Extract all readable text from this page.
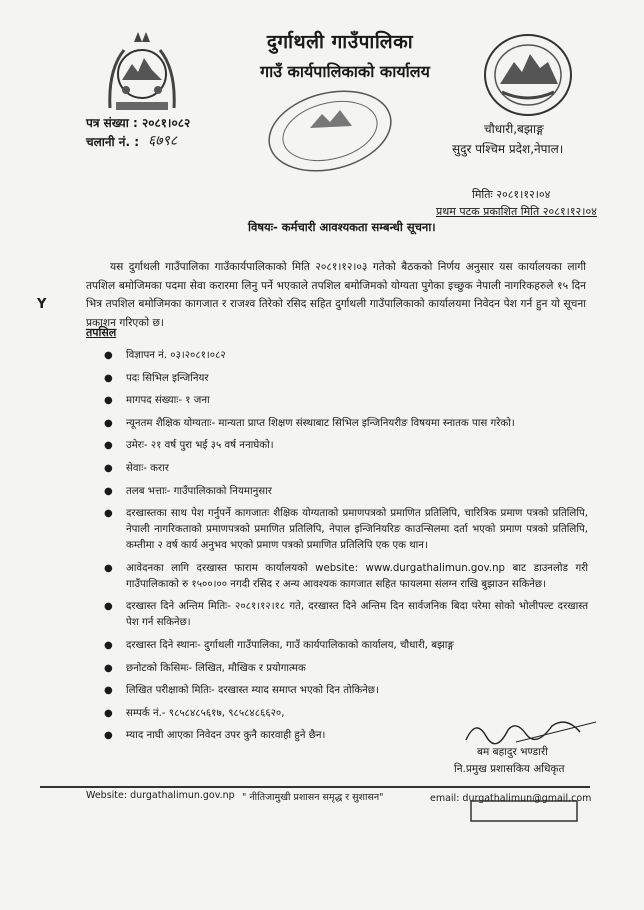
दुर्गाथली गाउँपालिका
गाउँ कार्यपालिकाको कार्यालय
चौधारी,बझाङ्ग
सुदुर पश्चिम प्रदेश,नेपाल।
पत्र संख्या : २०८१।०८२
चलानी नं. : ६७९८
मितिः २०८१।१२।०४
प्रथम पटक प्रकाशित मिति २०८१।१२।०४
विषयः- कर्मचारी आवश्यकता सम्बन्धी सूचना।
Y
यस दुर्गाथली गाउँपालिका गाउँकार्यपालिकाको मिति २०८१।१२।०३ गतेको बैठकको निर्णय अनुसार यस कार्यालयका लागी तपशिल बमोजिमका पदमा सेवा करारमा लिनु पर्ने भएकाले तपशिल बमोजिमको योग्यता पुगेका इच्छुक नेपाली नागरिकहरुले १५ दिन भित्र तपशिल बमोजिमका कागजात र राजश्व तिरेको रसिद सहित दुर्गाथली गाउँपालिकाको कार्यालयमा निवेदन पेश गर्न हुन यो सूचना प्रकाशन गरिएको छ।
तपसिल
● विज्ञापन नं. ०३।२०८१।०८२
● पदः सिभिल इन्जिनियर
● मागपद संख्याः- १ जना
● न्यूनतम शैक्षिक योग्यताः- मान्यता प्राप्त शिक्षण संस्थाबाट सिभिल इन्जिनियरीङ विषयमा स्नातक पास गरेको।
● उमेरः- २१ वर्ष पुरा भई ३५ वर्ष ननाघेको।
● सेवाः- करार
● तलब भत्ताः- गाउँपालिकाको नियमानुसार
● दरखास्तका साथ पेश गर्नुपर्ने कागजातः शैक्षिक योग्यताको प्रमाणपत्रको प्रमाणित प्रतिलिपि, चारित्रिक प्रमाण पत्रको प्रतिलिपि, नेपाली नागरिकताको प्रमाणपत्रको प्रमाणित प्रतिलिपि, नेपाल इन्जिनियरिङ काउन्सिलमा दर्ता भएको प्रमाण पत्रको प्रतिलिपि, कम्तीमा २ वर्ष कार्य अनुभव भएको प्रमाण पत्रको प्रमाणित प्रतिलिपि एक एक थान।
● आवेदनका लागि दरखास्त फाराम कार्यालयको website: www.durgathalimun.gov.np बाट डाउनलोड गरी गाउँपालिकाको रु १५००।०० नगदी रसिद र अन्य आवश्यक कागजात सहित फायलमा संलग्न राखि बुझाउन सकिनेछ।
● दरखास्त दिने अन्तिम मितिः- २०८१।१२।१८ गते, दरखास्त दिने अन्तिम दिन सार्वजनिक बिदा परेमा सोको भोलीपल्ट दरखास्त पेश गर्न सकिनेछ।
● दरखास्त दिने स्थानः- दुर्गाथली गाउँपालिका, गाउँ कार्यपालिकाको कार्यालय, चौधारी, बझाङ्ग
● छनोटको किसिमः- लिखित, मौखिक र प्रयोगात्मक
● लिखित परीक्षाको मितिः- दरखास्त म्याद समाप्त भएको दिन तोकिनेछ।
● सम्पर्क नं.- ९८५८४८५६१७, ९८५८४८६६२०,
● म्याद नाघी आएका निवेदन उपर कुनै कारवाही हुने छैन।
बम बहादुर भण्डारी
नि.प्रमुख प्रशासकिय अधिकृत
Website: durgathalimun.gov.np " नीतिजामुखी प्रशासन समृद्ध र सुशासन"	email: durgathalimun@gmail.com
